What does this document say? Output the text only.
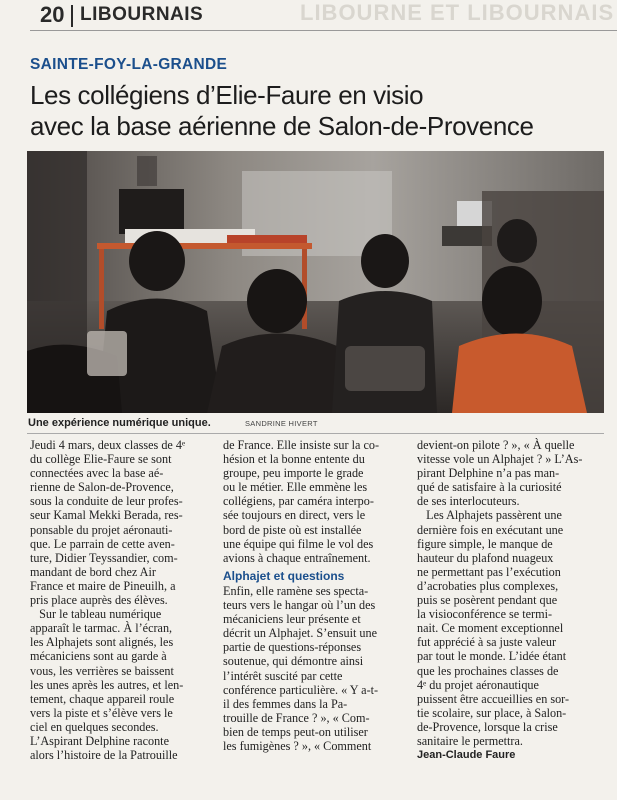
LIBOURNE ET LIBOURNAIS
20 LIBOURNAIS
SAINTE-FOY-LA-GRANDE
Les collégiens d’Elie-Faure en visio
avec la base aérienne de Salon-de-Provence
Une expérience numérique unique.	SANDRINE HIVERT

Jeudi 4 mars, deux classes de 4ᵉ

du collège Elie-Faure se sont

connectées avec la base aé-

rienne de Salon-de-Provence,

sous la conduite de leur profes-

seur Kamal Mekki Berada, res-

ponsable du projet aéronauti-

que. Le parrain de cette aven-

ture, Didier Teyssandier, com-

mandant de bord chez Air

France et maire de Pineuilh, a

pris place auprès des élèves.

Sur le tableau numérique

apparaît le tarmac. À l’écran,

les Alphajets sont alignés, les

mécaniciens sont au garde à

vous, les verrières se baissent

les unes après les autres, et len-

tement, chaque appareil roule

vers la piste et s’élève vers le

ciel en quelques secondes.

L’Aspirant Delphine raconte

alors l’histoire de la Patrouille

de France. Elle insiste sur la co-

hésion et la bonne entente du

groupe, peu importe le grade

ou le métier. Elle emmène les

collégiens, par caméra interpo-

sée toujours en direct, vers le

bord de piste où est installée

une équipe qui filme le vol des

avions à chaque entraînement.

Alphajet et questions

Enfin, elle ramène ses specta-

teurs vers le hangar où l’un des

mécaniciens leur présente et

décrit un Alphajet. S’ensuit une

partie de questions-réponses

soutenue, qui démontre ainsi

l’intérêt suscité par cette

conférence particulière. « Y a-t-

il des femmes dans la Pa-

trouille de France ? », « Com-

bien de temps peut-on utiliser

les fumigènes ? », « Comment

devient-on pilote ? », « À quelle

vitesse vole un Alphajet ? » L’As-

pirant Delphine n’a pas man-

qué de satisfaire à la curiosité

de ses interlocuteurs.

Les Alphajets passèrent une

dernière fois en exécutant une

figure simple, le manque de

hauteur du plafond nuageux

ne permettant pas l’exécution

d’acrobaties plus complexes,

puis se posèrent pendant que

la visioconférence se termi-

nait. Ce moment exceptionnel

fut apprécié à sa juste valeur

par tout le monde. L’idée étant

que les prochaines classes de

4ᵉ du projet aéronautique

puissent être accueillies en sor-

tie scolaire, sur place, à Salon-

de-Provence, lorsque la crise

sanitaire le permettra.

Jean-Claude Faure
